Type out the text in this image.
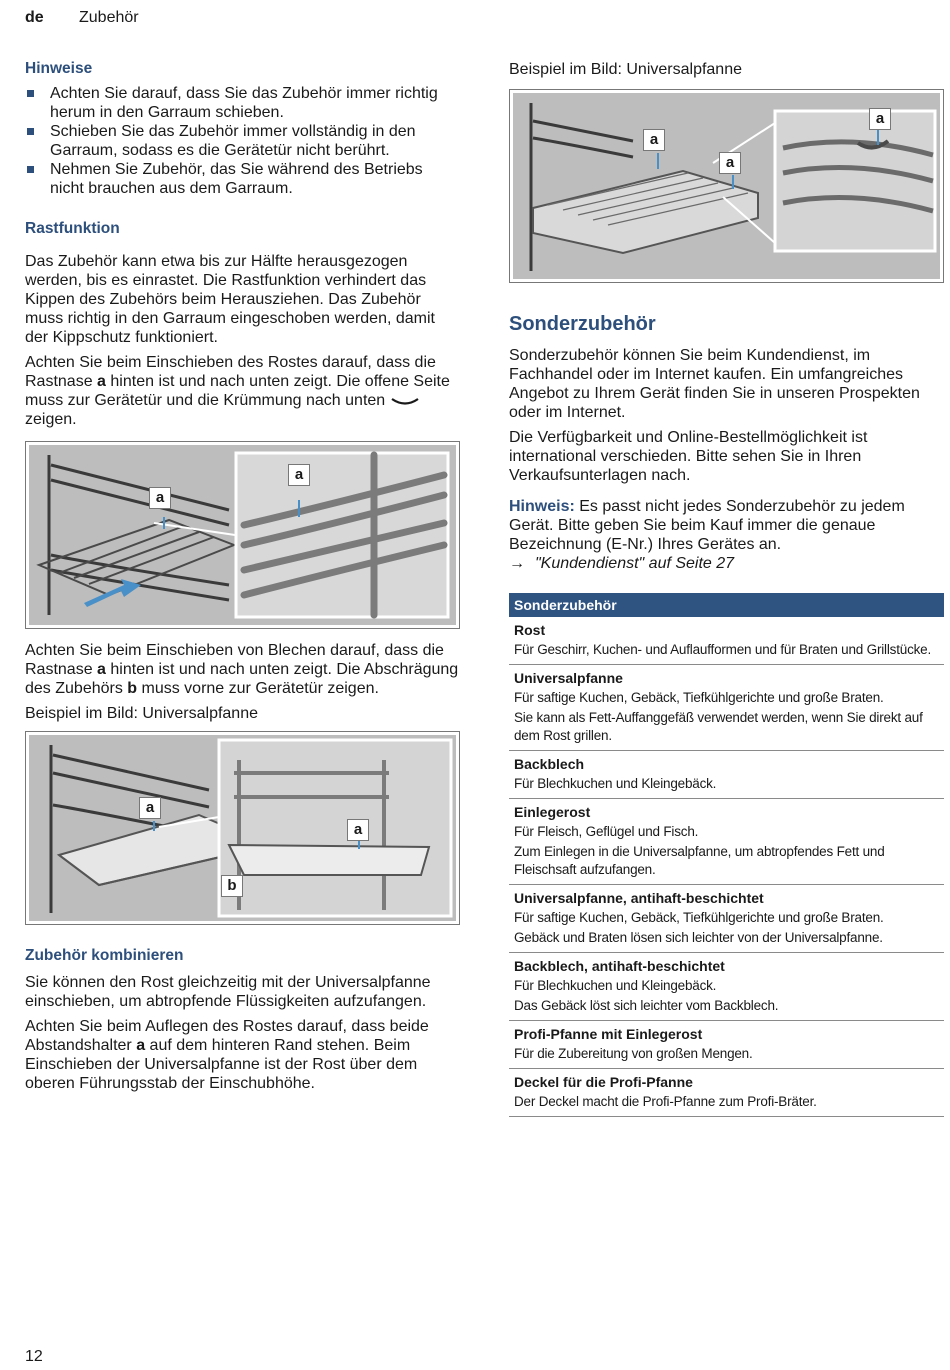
de Zubehör
Hinweise
Achten Sie darauf, dass Sie das Zubehör immer richtig herum in den Garraum schieben.
Schieben Sie das Zubehör immer vollständig in den Garraum, sodass es die Gerätetür nicht berührt.
Nehmen Sie Zubehör, das Sie während des Betriebs nicht brauchen aus dem Garraum.
Rastfunktion

Das Zubehör kann etwa bis zur Hälfte herausgezogen werden, bis es einrastet. Die Rastfunktion verhindert das Kippen des Zubehörs beim Herausziehen. Das Zubehör muss richtig in den Garraum eingeschoben werden, damit der Kippschutz funktioniert.

Achten Sie beim Einschieben des Rostes darauf, dass die Rastnase a hinten ist und nach unten zeigt. Die offene Seite muss zur Gerätetür und die Krümmung nach unten  zeigen.

a
a

Achten Sie beim Einschieben von Blechen darauf, dass die Rastnase a hinten ist und nach unten zeigt. Die Abschrägung des Zubehörs b muss vorne zur Gerätetür zeigen.

Beispiel im Bild: Universalpfanne

a
a
b
Zubehör kombinieren

Sie können den Rost gleichzeitig mit der Universalpfanne einschieben, um abtropfende Flüssigkeiten aufzufangen.

Achten Sie beim Auflegen des Rostes darauf, dass beide Abstandshalter a auf dem hinteren Rand stehen. Beim Einschieben der Universalpfanne ist der Rost über dem oberen Führungsstab der Einschubhöhe.

Beispiel im Bild: Universalpfanne

a
a
a
Sonderzubehör

Sonderzubehör können Sie beim Kundendienst, im Fachhandel oder im Internet kaufen. Ein umfangreiches Angebot zu Ihrem Gerät finden Sie in unseren Prospekten oder im Internet.

Die Verfügbarkeit und Online-Bestellmöglichkeit ist international verschieden. Bitte sehen Sie in Ihren Verkaufsunterlagen nach.

Hinweis: Es passt nicht jedes Sonderzubehör zu jedem Gerät. Bitte geben Sie beim Kauf immer die genaue Bezeichnung (E-Nr.) Ihres Gerätes an.

→ "Kundendienst" auf Seite 27

Sonderzubehör

Rost
Für Geschirr, Kuchen- und Auflaufformen und für Braten und Grillstücke.

Universalpfanne
Für saftige Kuchen, Gebäck, Tiefkühlgerichte und große Braten.
Sie kann als Fett-Auffanggefäß verwendet werden, wenn Sie direkt auf dem Rost grillen.

Backblech
Für Blechkuchen und Kleingebäck.

Einlegerost
Für Fleisch, Geflügel und Fisch.
Zum Einlegen in die Universalpfanne, um abtropfendes Fett und Fleischsaft aufzufangen.

Universalpfanne, antihaft-beschichtet
Für saftige Kuchen, Gebäck, Tiefkühlgerichte und große Braten.
Gebäck und Braten lösen sich leichter von der Universalpfanne.

Backblech, antihaft-beschichtet
Für Blechkuchen und Kleingebäck.
Das Gebäck löst sich leichter vom Backblech.

Profi-Pfanne mit Einlegerost
Für die Zubereitung von großen Mengen.

Deckel für die Profi-Pfanne
Der Deckel macht die Profi-Pfanne zum Profi-Bräter.
12
